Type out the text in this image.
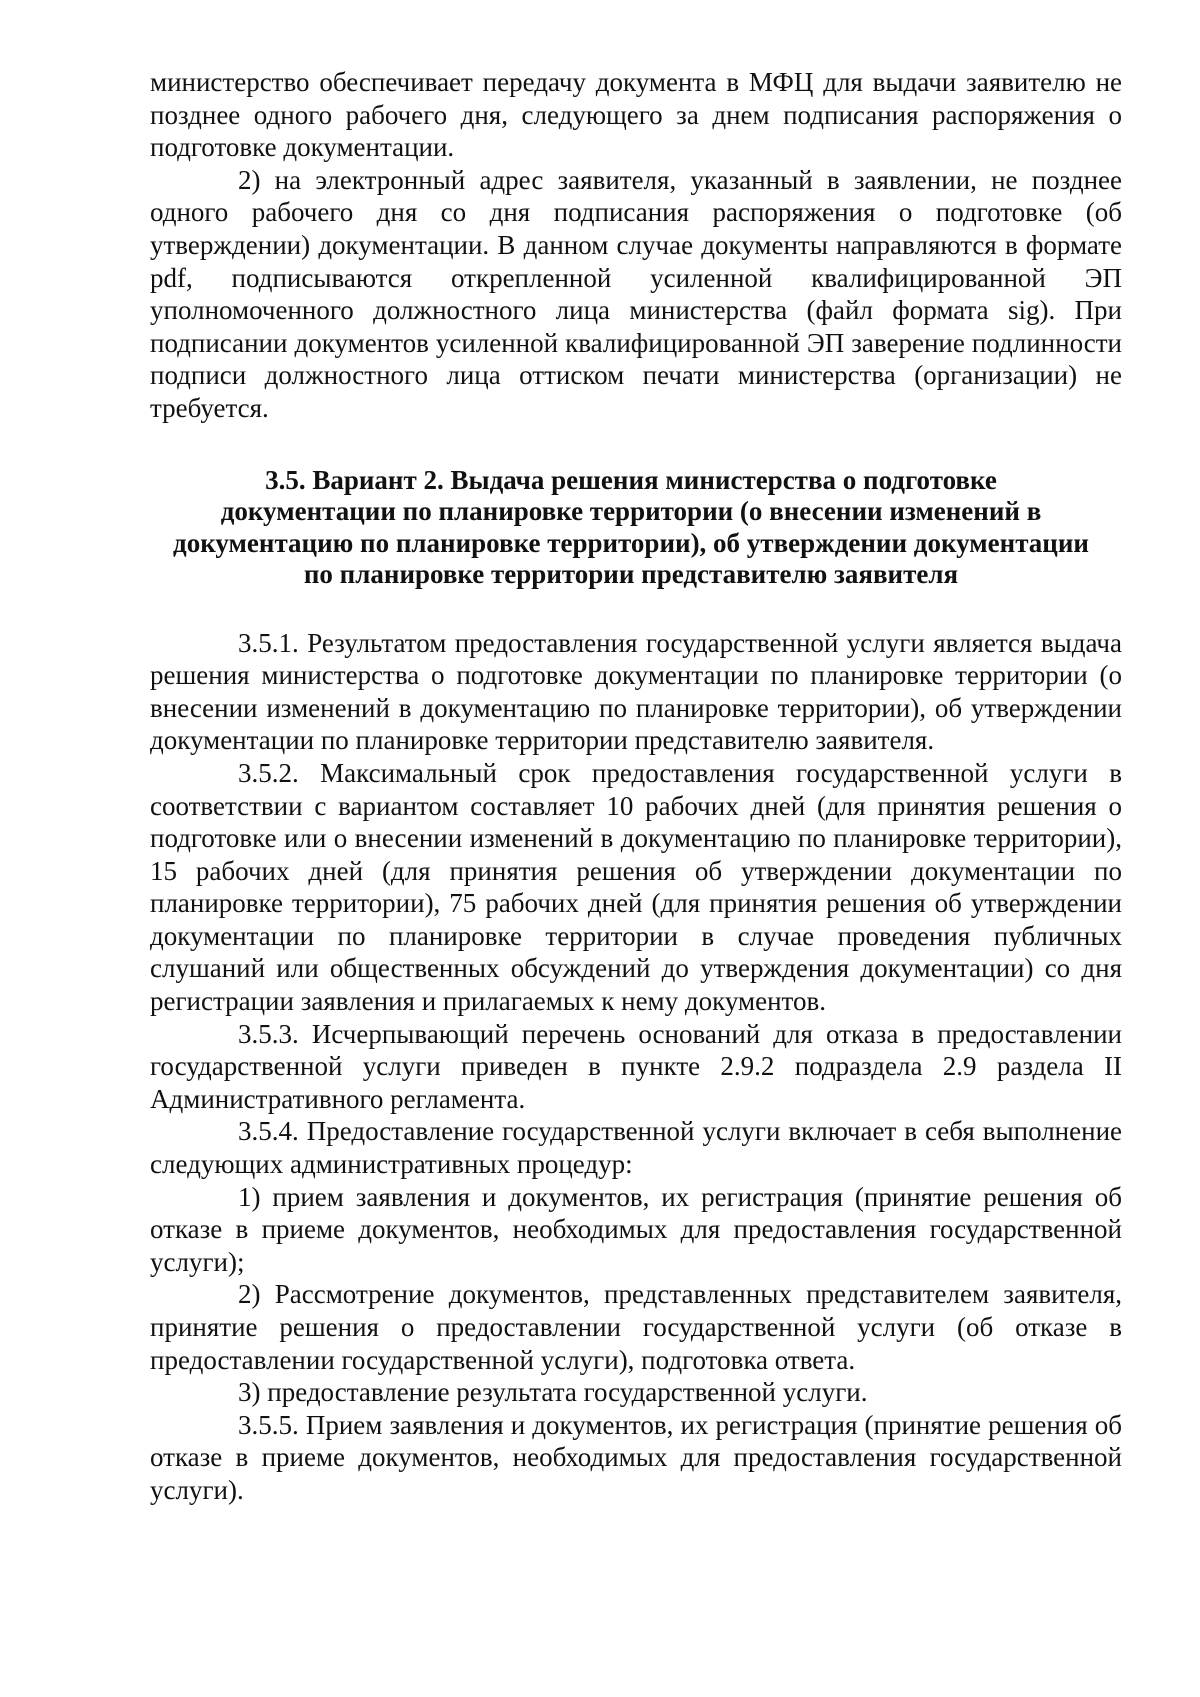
министерство обеспечивает передачу документа в МФЦ для выдачи заявителю не позднее одного рабочего дня, следующего за днем подписания распоряжения о подготовке документации.

2) на электронный адрес заявителя, указанный в заявлении, не позднее одного рабочего дня со дня подписания распоряжения о подготовке (об утверждении) документации. В данном случае документы направляются в формате pdf, подписываются открепленной усиленной квалифицированной ЭП уполномоченного должностного лица министерства (файл формата sig). При подписании документов усиленной квалифицированной ЭП заверение подлинности подписи должностного лица оттиском печати министерства (организации) не требуется.

3.5. Вариант 2. Выдача решения министерства о подготовке
документации по планировке территории (о внесении изменений в
документацию по планировке территории), об утверждении документации
по планировке территории представителю заявителя

3.5.1. Результатом предоставления государственной услуги является выдача решения министерства о подготовке документации по планировке территории (о внесении изменений в документацию по планировке территории), об утверждении документации по планировке территории представителю заявителя.

3.5.2. Максимальный срок предоставления государственной услуги в соответствии с вариантом составляет 10 рабочих дней (для принятия решения о подготовке или о внесении изменений в документацию по планировке территории), 15 рабочих дней (для принятия решения об утверждении документации по планировке территории), 75 рабочих дней (для принятия решения об утверждении документации по планировке территории в случае проведения публичных слушаний или общественных обсуждений до утверждения документации) со дня регистрации заявления и прилагаемых к нему документов.

3.5.3. Исчерпывающий перечень оснований для отказа в предоставлении государственной услуги приведен в пункте 2.9.2 подраздела 2.9 раздела II Административного регламента.

3.5.4. Предоставление государственной услуги включает в себя выполнение следующих административных процедур:

1) прием заявления и документов, их регистрация (принятие решения об отказе в приеме документов, необходимых для предоставления государственной услуги);

2) Рассмотрение документов, представленных представителем заявителя, принятие решения о предоставлении государственной услуги (об отказе в предоставлении государственной услуги), подготовка ответа.

3) предоставление результата государственной услуги.

3.5.5. Прием заявления и документов, их регистрация (принятие решения об отказе в приеме документов, необходимых для предоставления государственной услуги).
